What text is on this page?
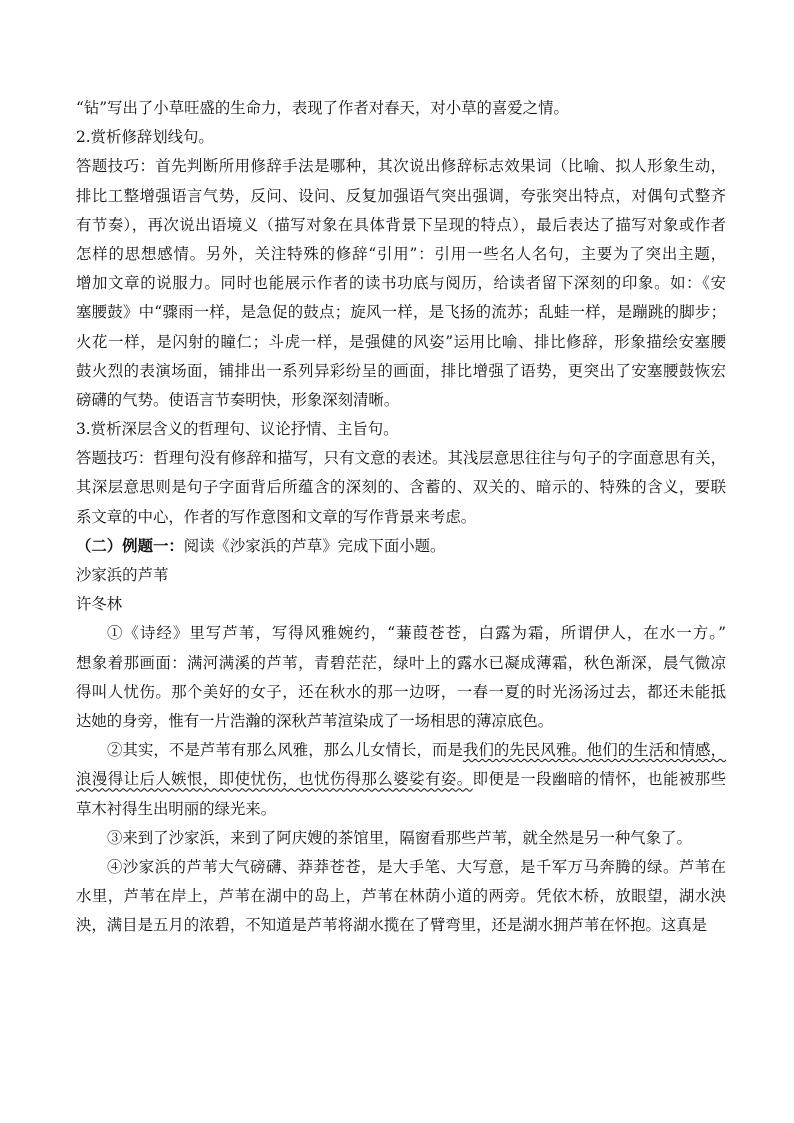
“钻”写出了小草旺盛的生命力，表现了作者对春天，对小草的喜爱之情。
2.赏析修辞划线句。
答题技巧：首先判断所用修辞手法是哪种，其次说出修辞标志效果词（比喻、拟人形象生动，
排比工整增强语言气势，反问、设问、反复加强语气突出强调，夸张突出特点，对偶句式整齐
有节奏），再次说出语境义（描写对象在具体背景下呈现的特点），最后表达了描写对象或作者
怎样的思想感情。另外，关注特殊的修辞“引用”：引用一些名人名句，主要为了突出主题，
增加文章的说服力。同时也能展示作者的读书功底与阅历，给读者留下深刻的印象。如：《安
塞腰鼓》中“骤雨一样，是急促的鼓点；旋风一样，是飞扬的流苏；乱蛙一样，是蹦跳的脚步；
火花一样，是闪射的瞳仁；斗虎一样，是强健的风姿”运用比喻、排比修辞，形象描绘安塞腰
鼓火烈的表演场面，铺排出一系列异彩纷呈的画面，排比增强了语势，更突出了安塞腰鼓恢宏
磅礴的气势。使语言节奏明快，形象深刻清晰。
3.赏析深层含义的哲理句、议论抒情、主旨句。
答题技巧：哲理句没有修辞和描写，只有文意的表述。其浅层意思往往与句子的字面意思有关，
其深层意思则是句子字面背后所蕴含的深刻的、含蓄的、双关的、暗示的、特殊的含义，要联
系文章的中心，作者的写作意图和文章的写作背景来考虑。
（二）例题一：阅读《沙家浜的芦草》完成下面小题。
沙家浜的芦苇
许冬林
①《诗经》里写芦苇，写得风雅婉约，“蒹葭苍苍，白露为霜，所谓伊人，在水一方。”
想象着那画面：满河满溪的芦苇，青碧茫茫，绿叶上的露水已凝成薄霜，秋色渐深，晨气微凉
得叫人忧伤。那个美好的女子，还在秋水的那一边呀，一春一夏的时光汤汤过去，都还未能抵
达她的身旁，惟有一片浩瀚的深秋芦苇渲染成了一场相思的薄凉底色。
②其实，不是芦苇有那么风雅，那么儿女情长，而是我们的先民风雅。他们的生活和情感，
浪漫得让后人嫉恨，即使忧伤，也忧伤得那么婆娑有姿。即便是一段幽暗的情怀，也能被那些
草木衬得生出明丽的绿光来。
③来到了沙家浜，来到了阿庆嫂的茶馆里，隔窗看那些芦苇，就全然是另一种气象了。
④沙家浜的芦苇大气磅礴、莽莽苍苍，是大手笔、大写意，是千军万马奔腾的绿。芦苇在
水里，芦苇在岸上，芦苇在湖中的岛上，芦苇在林荫小道的两旁。凭依木桥，放眼望，湖水泱
泱，满目是五月的浓碧，不知道是芦苇将湖水揽在了臂弯里，还是湖水拥芦苇在怀抱。这真是
